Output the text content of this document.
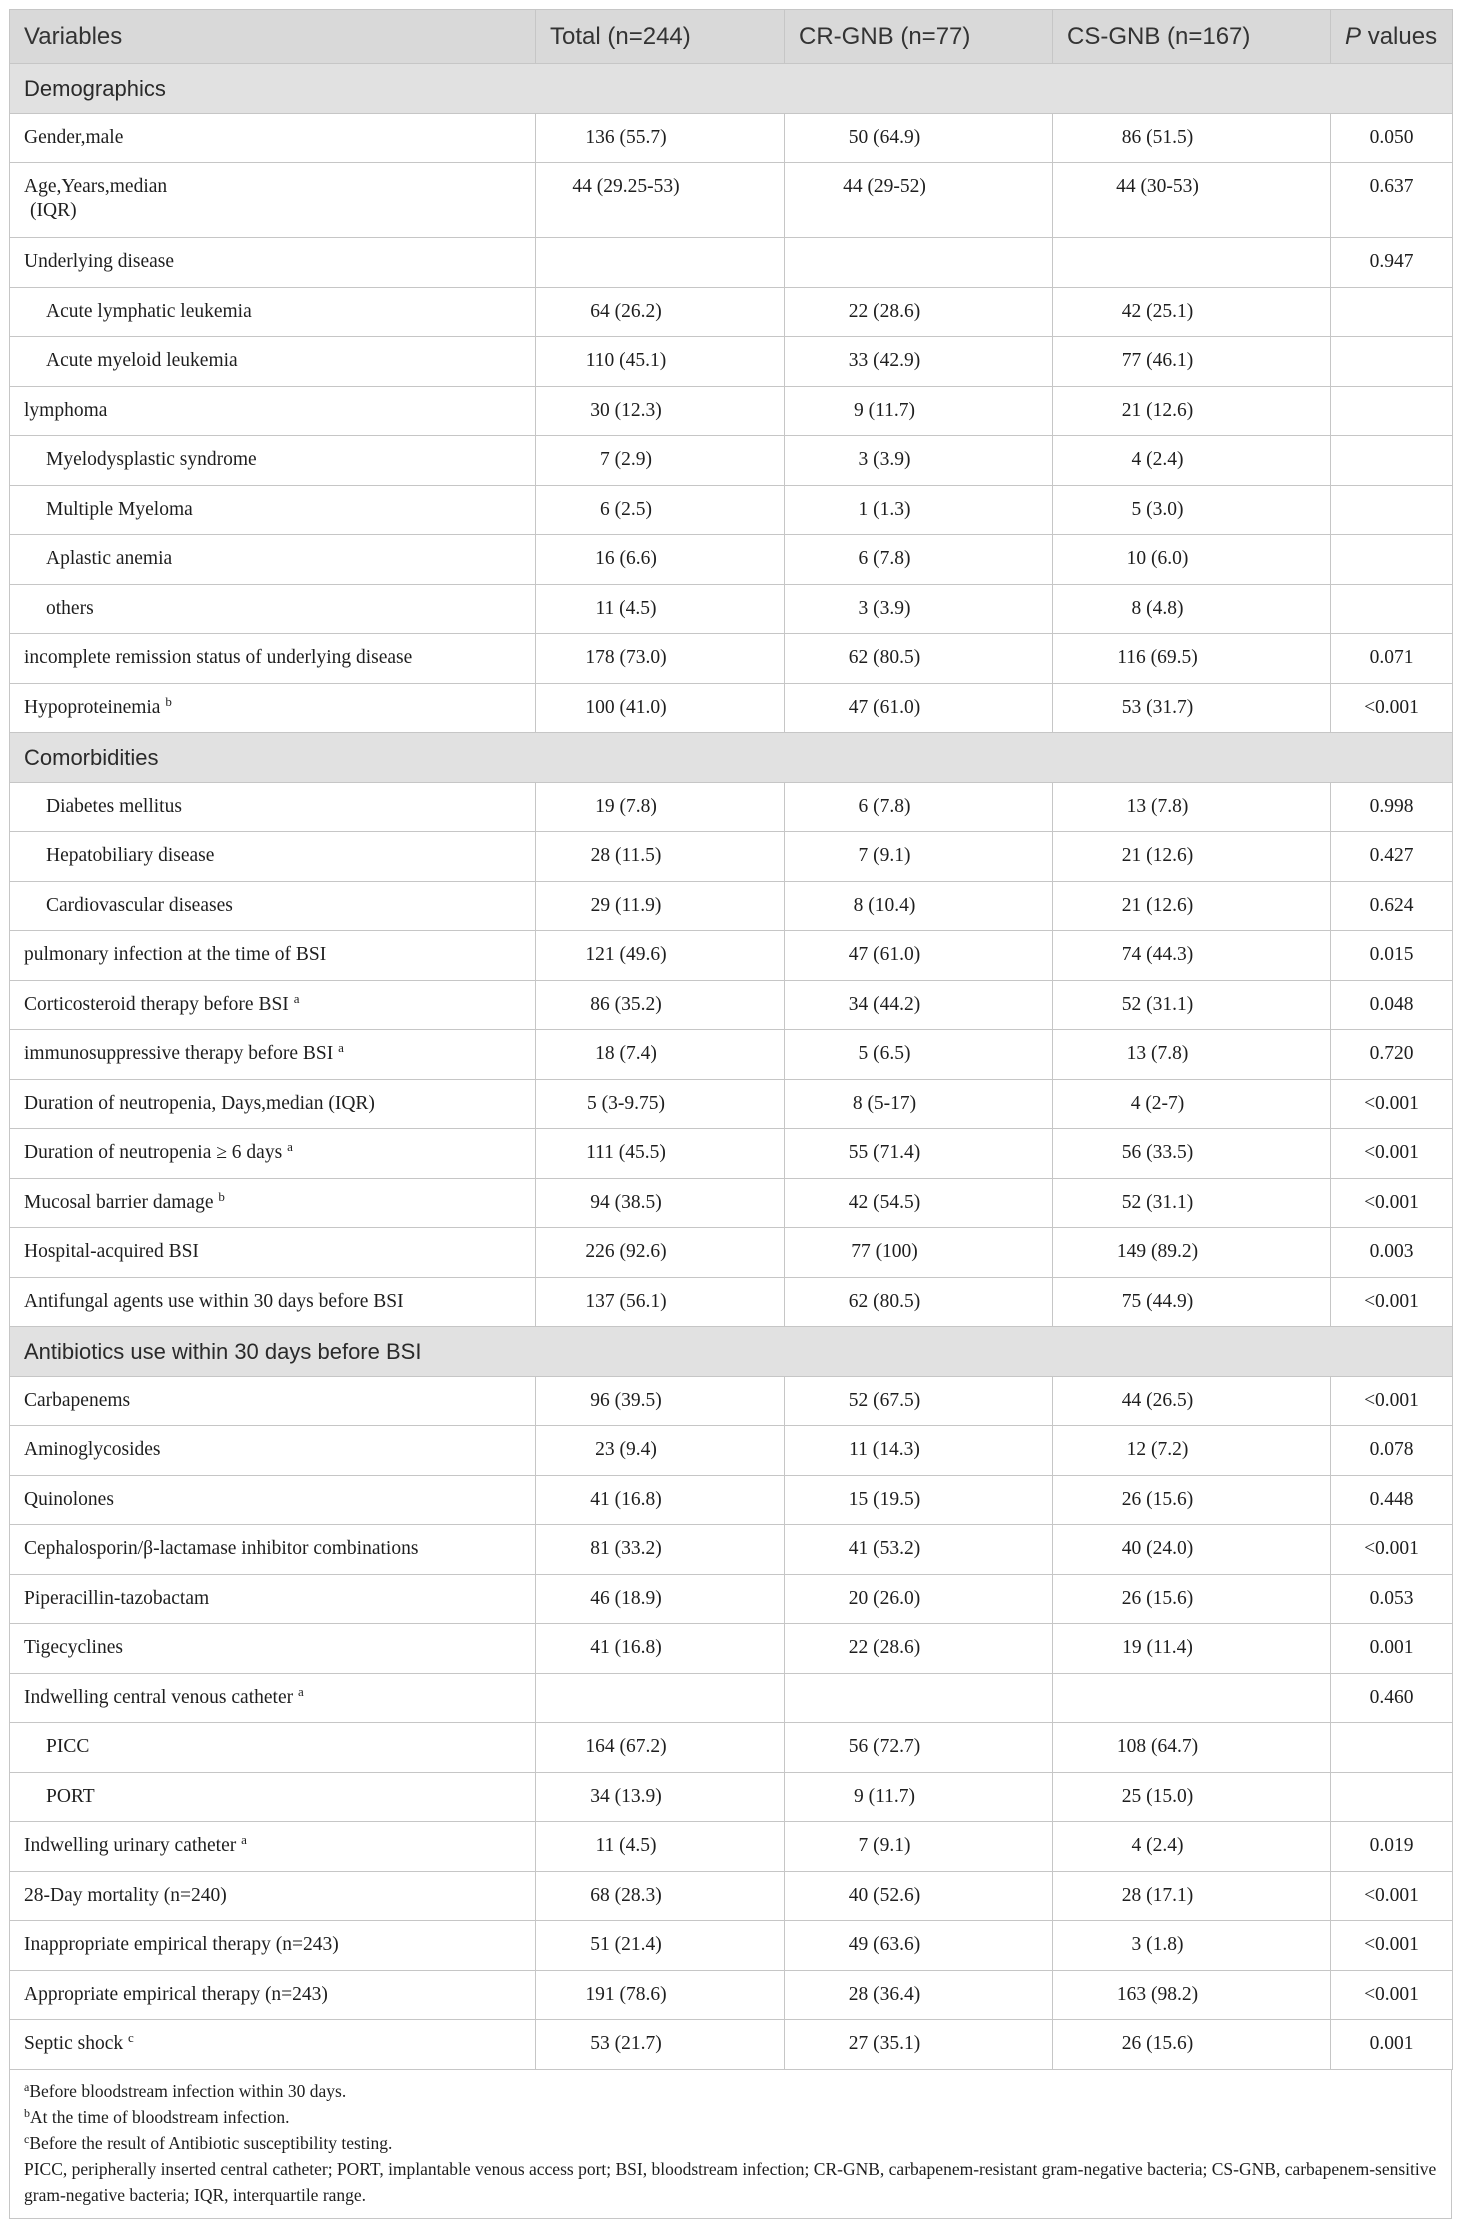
Variables	Total (n=244)	CR-GNB (n=77)	CS-GNB (n=167)	P values
Demographics				
Gender,male	136 (55.7)	50 (64.9)	86 (51.5)	0.050
Age,Years,median
(IQR)	44 (29.25-53)	44 (29-52)	44 (30-53)	0.637
Underlying disease				0.947
Acute lymphatic leukemia	64 (26.2)	22 (28.6)	42 (25.1)	
Acute myeloid leukemia	110 (45.1)	33 (42.9)	77 (46.1)	
lymphoma	30 (12.3)	9 (11.7)	21 (12.6)	
Myelodysplastic syndrome	7 (2.9)	3 (3.9)	4 (2.4)	
Multiple Myeloma	6 (2.5)	1 (1.3)	5 (3.0)	
Aplastic anemia	16 (6.6)	6 (7.8)	10 (6.0)	
others	11 (4.5)	3 (3.9)	8 (4.8)	
incomplete remission status of underlying disease	178 (73.0)	62 (80.5)	116 (69.5)	0.071
Hypoproteinemia $^b$	100 (41.0)	47 (61.0)	53 (31.7)	<0.001
Comorbidities				
Diabetes mellitus	19 (7.8)	6 (7.8)	13 (7.8)	0.998
Hepatobiliary disease	28 (11.5)	7 (9.1)	21 (12.6)	0.427
Cardiovascular diseases	29 (11.9)	8 (10.4)	21 (12.6)	0.624
pulmonary infection at the time of BSI	121 (49.6)	47 (61.0)	74 (44.3)	0.015
Corticosteroid therapy before BSI $^a$	86 (35.2)	34 (44.2)	52 (31.1)	0.048
immunosuppressive therapy before BSI $^a$	18 (7.4)	5 (6.5)	13 (7.8)	0.720
Duration of neutropenia, Days,median (IQR)	5 (3-9.75)	8 (5-17)	4 (2-7)	<0.001
Duration of neutropenia ≥ 6 days $^a$	111 (45.5)	55 (71.4)	56 (33.5)	<0.001
Mucosal barrier damage $^b$	94 (38.5)	42 (54.5)	52 (31.1)	<0.001
Hospital-acquired BSI	226 (92.6)	77 (100)	149 (89.2)	0.003
Antifungal agents use within 30 days before BSI	137 (56.1)	62 (80.5)	75 (44.9)	<0.001
Antibiotics use within 30 days before BSI				
Carbapenems	96 (39.5)	52 (67.5)	44 (26.5)	<0.001
Aminoglycosides	23 (9.4)	11 (14.3)	12 (7.2)	0.078
Quinolones	41 (16.8)	15 (19.5)	26 (15.6)	0.448
Cephalosporin/β-lactamase inhibitor combinations	81 (33.2)	41 (53.2)	40 (24.0)	<0.001
Piperacillin-tazobactam	46 (18.9)	20 (26.0)	26 (15.6)	0.053
Tigecyclines	41 (16.8)	22 (28.6)	19 (11.4)	0.001
Indwelling central venous catheter $^a$				0.460
PICC	164 (67.2)	56 (72.7)	108 (64.7)	
PORT	34 (13.9)	9 (11.7)	25 (15.0)	
Indwelling urinary catheter $^a$	11 (4.5)	7 (9.1)	4 (2.4)	0.019
28-Day mortality (n=240)	68 (28.3)	40 (52.6)	28 (17.1)	<0.001
Inappropriate empirical therapy (n=243)	51 (21.4)	49 (63.6)	3 (1.8)	<0.001
Appropriate empirical therapy (n=243)	191 (78.6)	28 (36.4)	163 (98.2)	<0.001
Septic shock $^c$	53 (21.7)	27 (35.1)	26 (15.6)	0.001
$^a$Before bloodstream infection within 30 days.
$^b$At the time of bloodstream infection.
$^c$Before the result of Antibiotic susceptibility testing.
PICC, peripherally inserted central catheter; PORT, implantable venous access port; BSI, bloodstream infection; CR-GNB, carbapenem-resistant gram-negative bacteria; CS-GNB, carbapenem-sensitive gram-negative bacteria; IQR, interquartile range.
